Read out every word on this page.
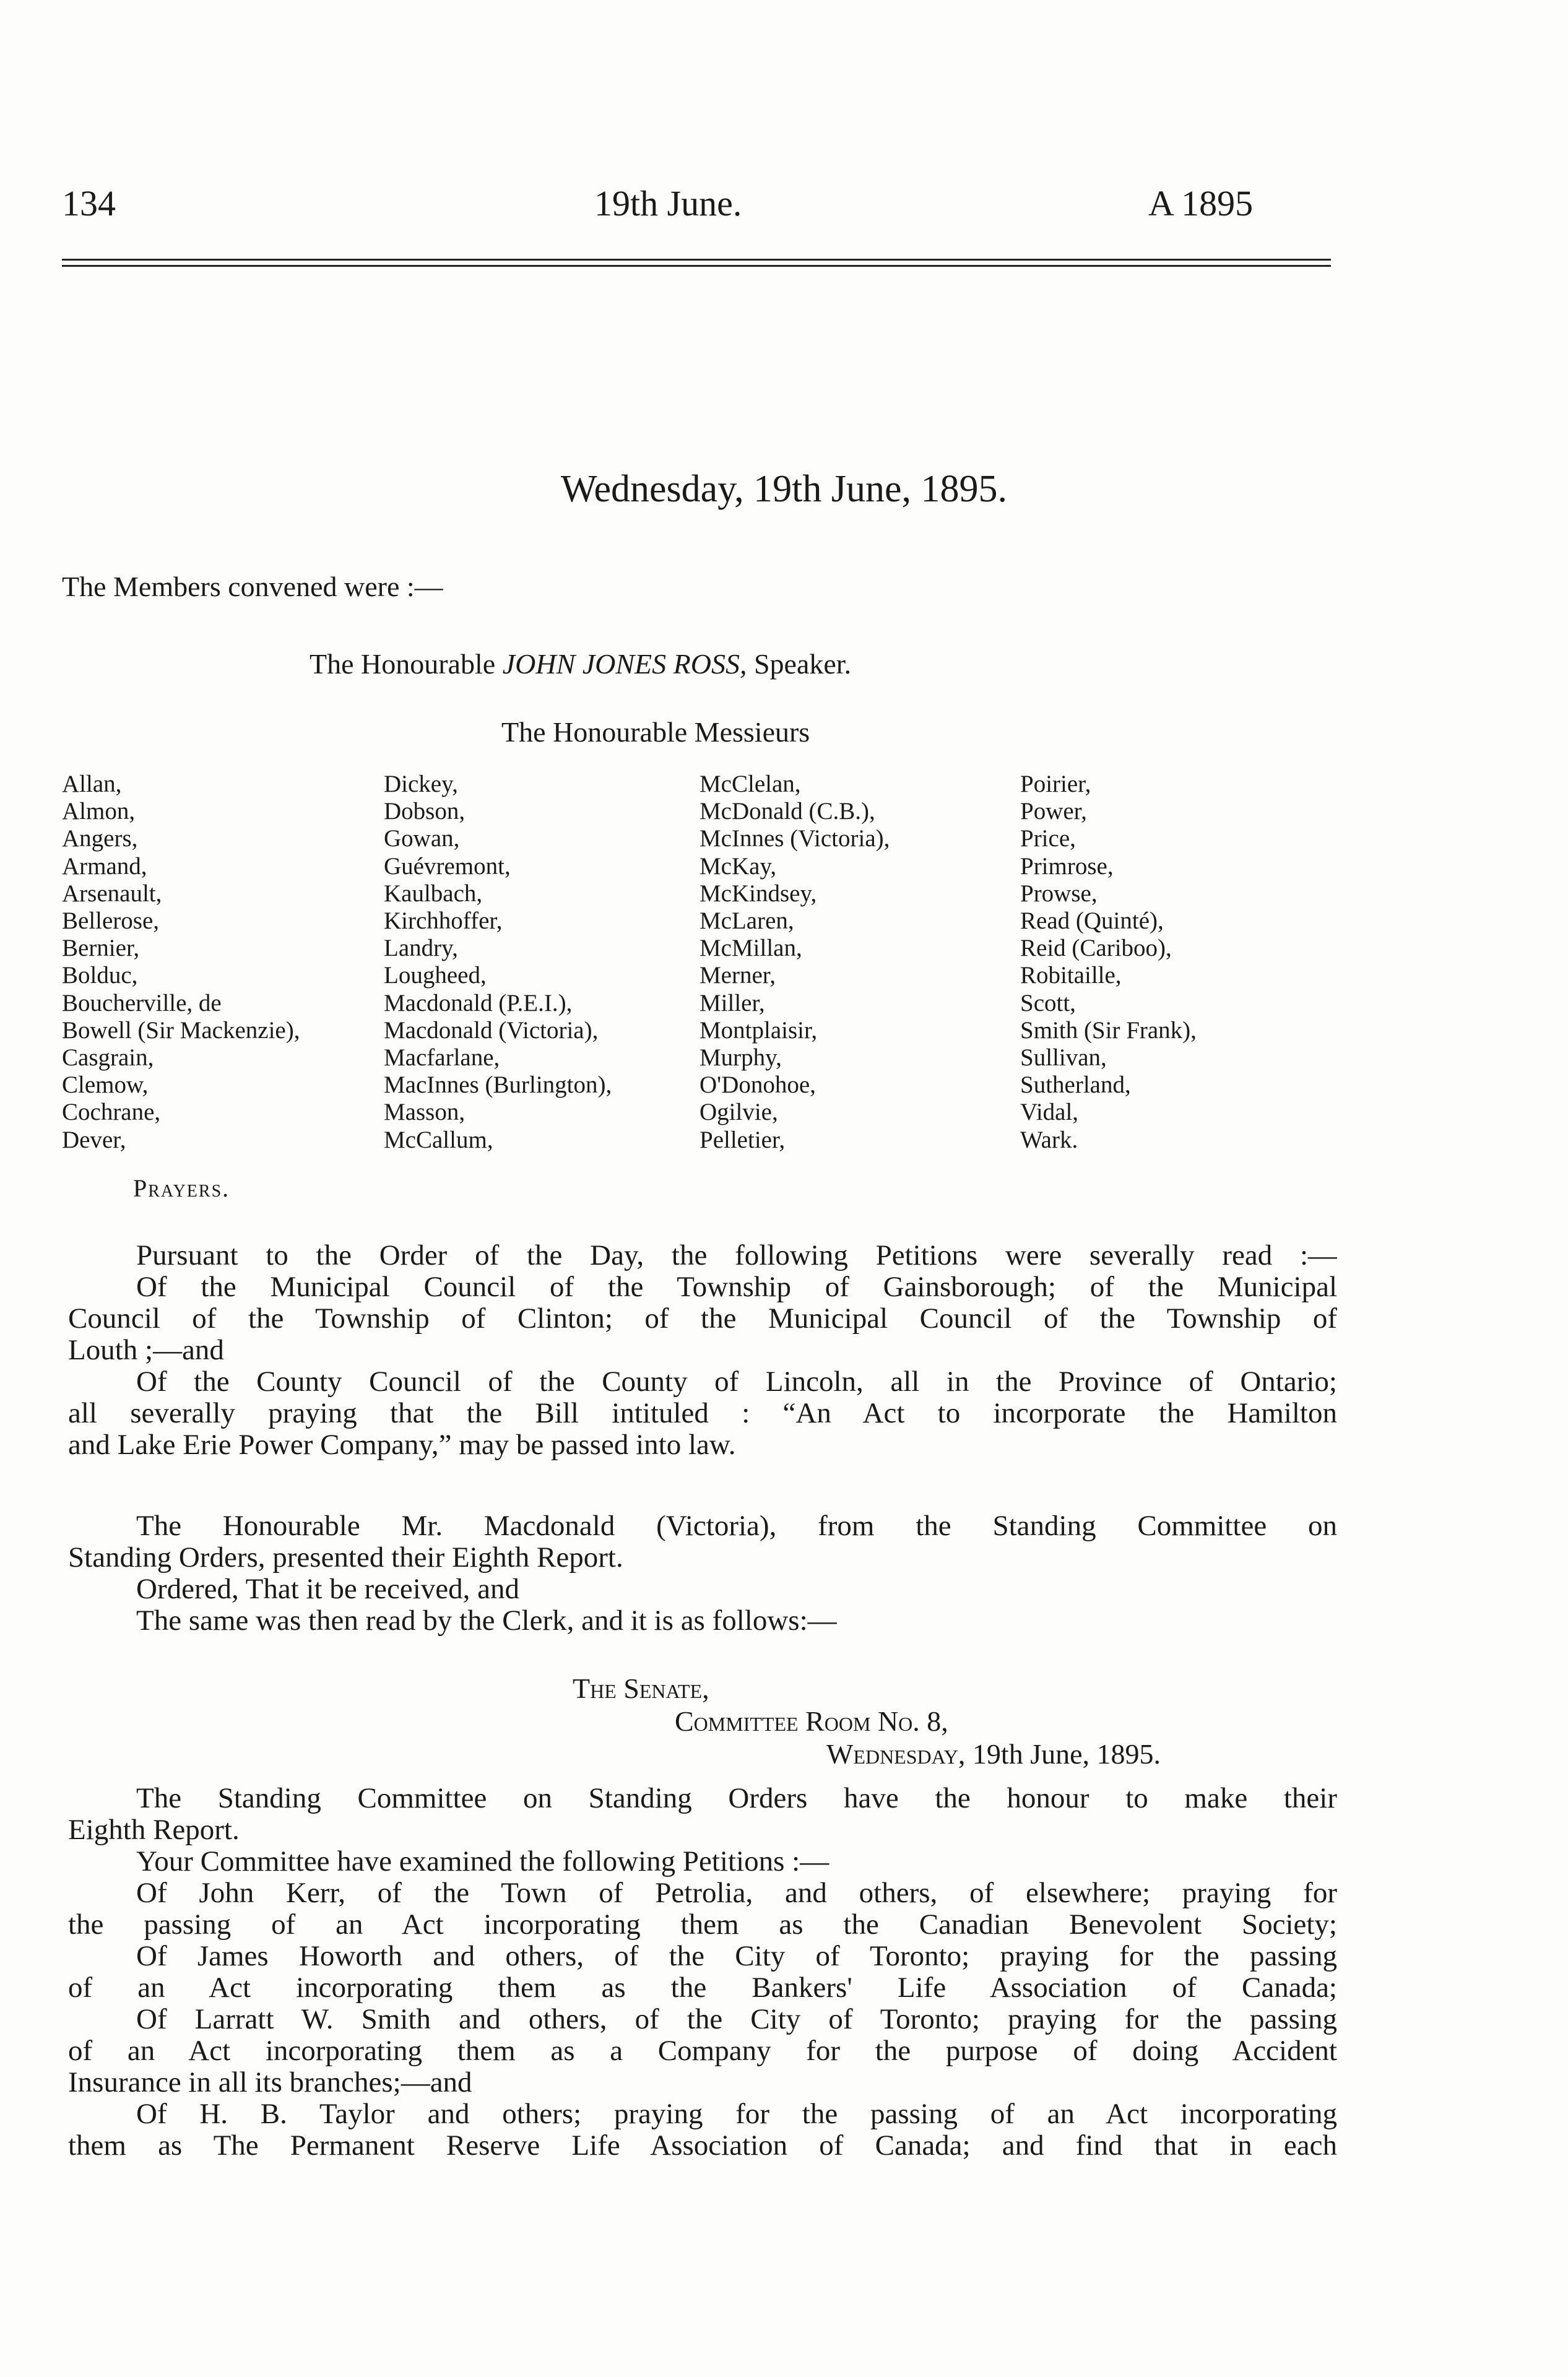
134	19th June.	A 1895
Wednesday, 19th June, 1895.
The Members convened were :—
The Honourable JOHN JONES ROSS, Speaker.
The Honourable Messieurs
Allan,
Almon,
Angers,
Armand,
Arsenault,
Bellerose,
Bernier,
Bolduc,
Boucherville, de
Bowell (Sir Mackenzie),
Casgrain,
Clemow,
Cochrane,
Dever,
Dickey,
Dobson,
Gowan,
Guévremont,
Kaulbach,
Kirchhoffer,
Landry,
Lougheed,
Macdonald (P.E.I.),
Macdonald (Victoria),
Macfarlane,
MacInnes (Burlington),
Masson,
McCallum,
McClelan,
McDonald (C.B.),
McInnes (Victoria),
McKay,
McKindsey,
McLaren,
McMillan,
Merner,
Miller,
Montplaisir,
Murphy,
O'Donohoe,
Ogilvie,
Pelletier,
Poirier,
Power,
Price,
Primrose,
Prowse,
Read (Quinté),
Reid (Cariboo),
Robitaille,
Scott,
Smith (Sir Frank),
Sullivan,
Sutherland,
Vidal,
Wark.
Prayers.
Pursuant to the Order of the Day, the following Petitions were severally read :—
Of the Municipal Council of the Township of Gainsborough; of the Municipal
Council of the Township of Clinton; of the Municipal Council of the Township of
Louth ;—and
Of the County Council of the County of Lincoln, all in the Province of Ontario;
all severally praying that the Bill intituled : “An Act to incorporate the Hamilton
and Lake Erie Power Company,” may be passed into law.
The Honourable Mr. Macdonald (Victoria), from the Standing Committee on
Standing Orders, presented their Eighth Report.
Ordered, That it be received, and
The same was then read by the Clerk, and it is as follows:—
The Senate,
Committee Room No. 8,
Wednesday, 19th June, 1895.
The Standing Committee on Standing Orders have the honour to make their
Eighth Report.
Your Committee have examined the following Petitions :—
Of John Kerr, of the Town of Petrolia, and others, of elsewhere; praying for
the passing of an Act incorporating them as the Canadian Benevolent Society;
Of James Howorth and others, of the City of Toronto; praying for the passing
of an Act incorporating them as the Bankers' Life Association of Canada;
Of Larratt W. Smith and others, of the City of Toronto; praying for the passing
of an Act incorporating them as a Company for the purpose of doing Accident
Insurance in all its branches;—and
Of H. B. Taylor and others; praying for the passing of an Act incorporating
them as The Permanent Reserve Life Association of Canada; and find that in each
